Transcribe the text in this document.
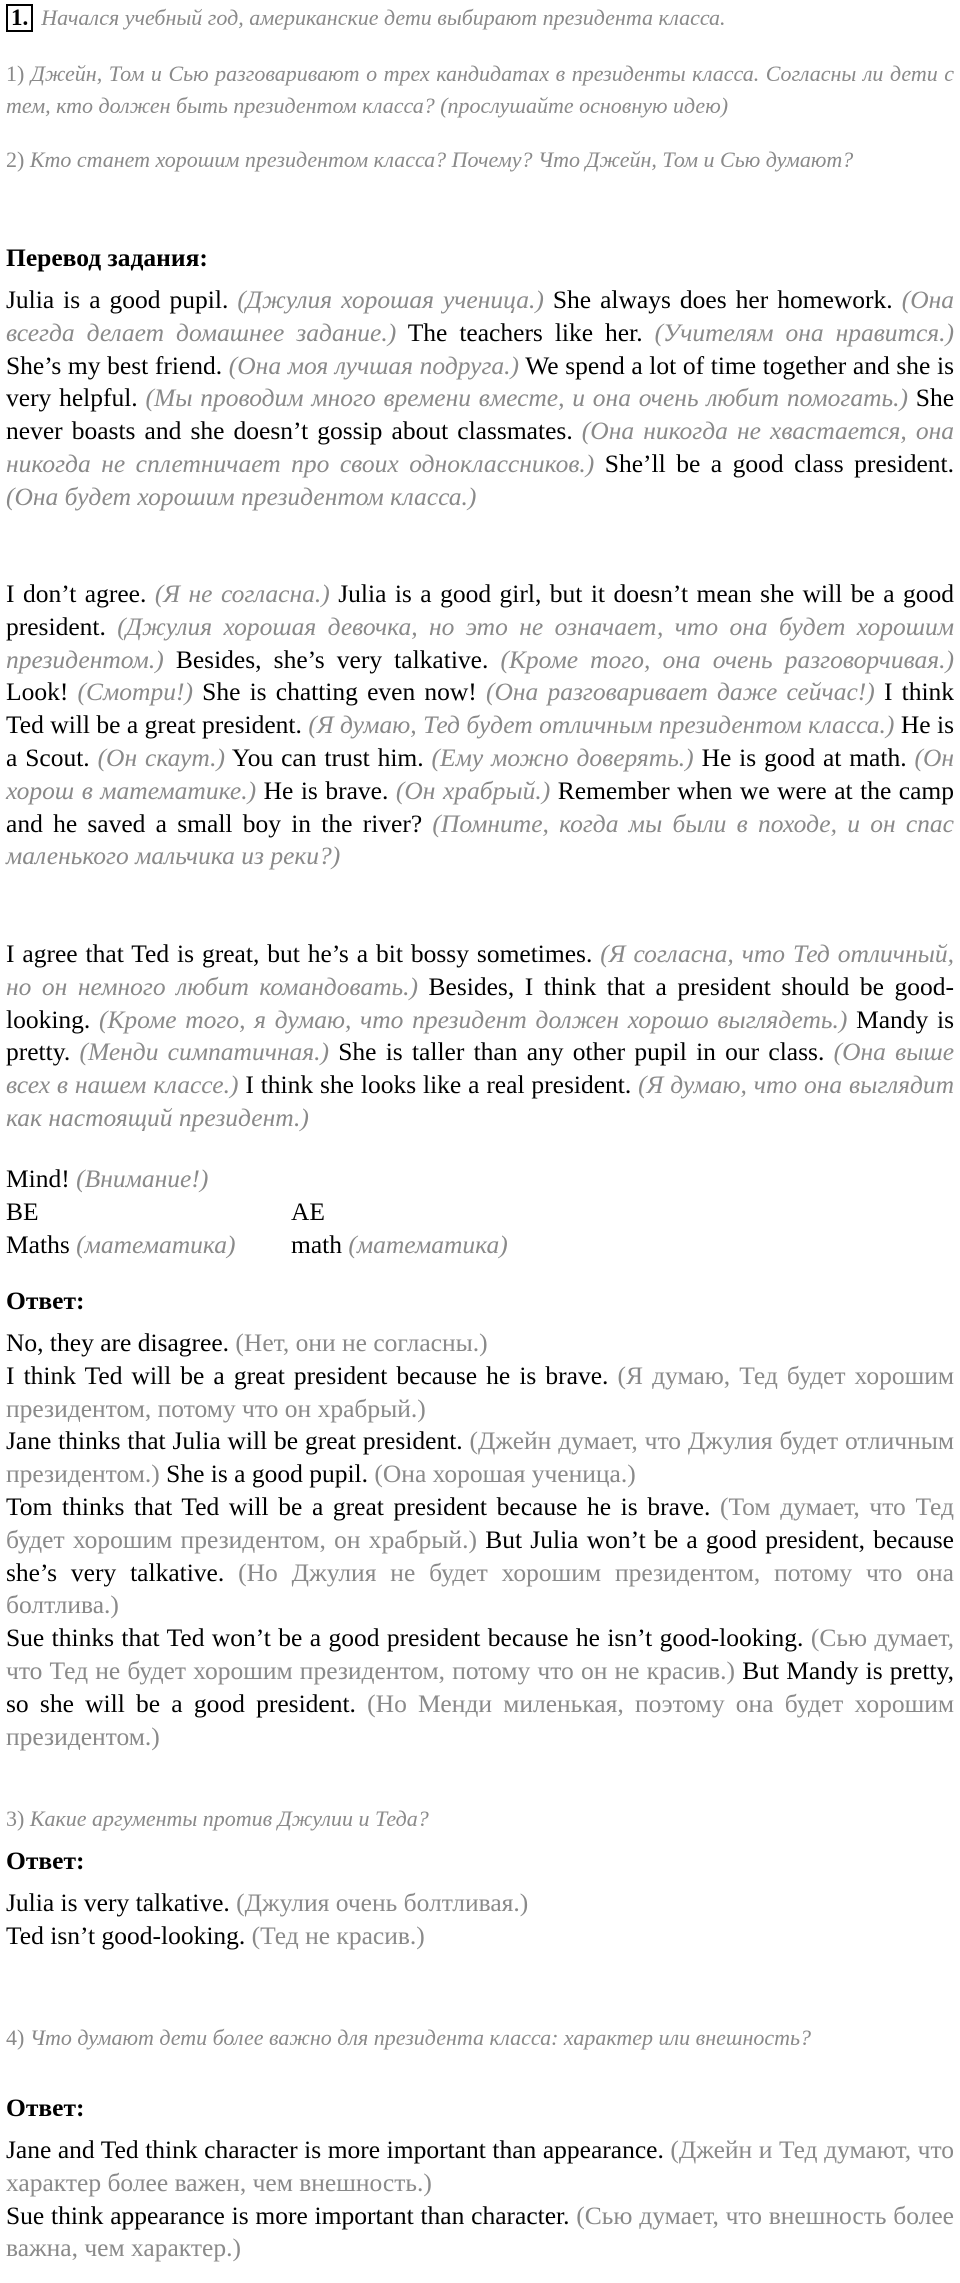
1. Начался учебный год, американские дети выбирают президента класса.

1) Джейн, Том и Сью разговаривают о трех кандидатах в президенты класса. Согласны ли дети с тем, кто должен быть президентом класса? (прослушайте основную идею)

2) Кто станет хорошим президентом класса? Почему? Что Джейн, Том и Сью думают?

Перевод задания:

Julia is a good pupil. (Джулия хорошая ученица.) She always does her homework. (Она всегда делает домашнее задание.) The teachers like her. (Учителям она нравится.) She’s my best friend. (Она моя лучшая подруга.) We spend a lot of time together and she is very helpful. (Мы проводим много времени вместе, и она очень любит помогать.) She never boasts and she doesn’t gossip about classmates. (Она никогда не хвастается, она никогда не сплетничает про своих одноклассников.) She’ll be a good class president. (Она будет хорошим президентом класса.)

I don’t agree. (Я не согласна.) Julia is a good girl, but it doesn’t mean she will be a good president. (Джулия хорошая девочка, но это не означает, что она будет хорошим президентом.) Besides, she’s very talkative. (Кроме того, она очень разговорчивая.) Look! (Смотри!) She is chatting even now! (Она разговаривает даже сейчас!) I think Ted will be a great president. (Я думаю, Тед будет отличным президентом класса.) He is a Scout. (Он скаут.) You can trust him. (Ему можно доверять.) He is good at math. (Он хорош в математике.) He is brave. (Он храбрый.) Remember when we were at the camp and he saved a small boy in the river? (Помните, когда мы были в походе, и он спас маленького мальчика из реки?)

I agree that Ted is great, but he’s a bit bossy sometimes. (Я согласна, что Тед отличный, но он немного любит командовать.) Besides, I think that a president should be good-looking. (Кроме того, я думаю, что президент должен хорошо выглядеть.) Mandy is pretty. (Менди симпатичная.) She is taller than any other pupil in our class. (Она выше всех в нашем классе.) I think she looks like a real president. (Я думаю, что она выглядит как настоящий президент.)

Mind! (Внимание!)

BE	AE
Maths (математика)	math (математика)

Ответ:

No, they are disagree. (Нет, они не согласны.)

I think Ted will be a great president because he is brave. (Я думаю, Тед будет хорошим президентом, потому что он храбрый.)

Jane thinks that Julia will be great president. (Джейн думает, что Джулия будет отличным президентом.) She is a good pupil. (Она хорошая ученица.)

Tom thinks that Ted will be a great president because he is brave. (Том думает, что Тед будет хорошим президентом, он храбрый.) But Julia won’t be a good president, because she’s very talkative. (Но Джулия не будет хорошим президентом, потому что она болтлива.)

Sue thinks that Ted won’t be a good president because he isn’t good-looking. (Сью думает, что Тед не будет хорошим президентом, потому что он не красив.) But Mandy is pretty, so she will be a good president. (Но Менди миленькая, поэтому она будет хорошим президентом.)

3) Какие аргументы против Джулии и Теда?

Ответ:

Julia is very talkative. (Джулия очень болтливая.)

Ted isn’t good-looking. (Тед не красив.)

4) Что думают дети более важно для президента класса: характер или внешность?

Ответ:

Jane and Ted think character is more important than appearance. (Джейн и Тед думают, что характер более важен, чем внешность.)

Sue think appearance is more important than character. (Сью думает, что внешность более важна, чем характер.)
